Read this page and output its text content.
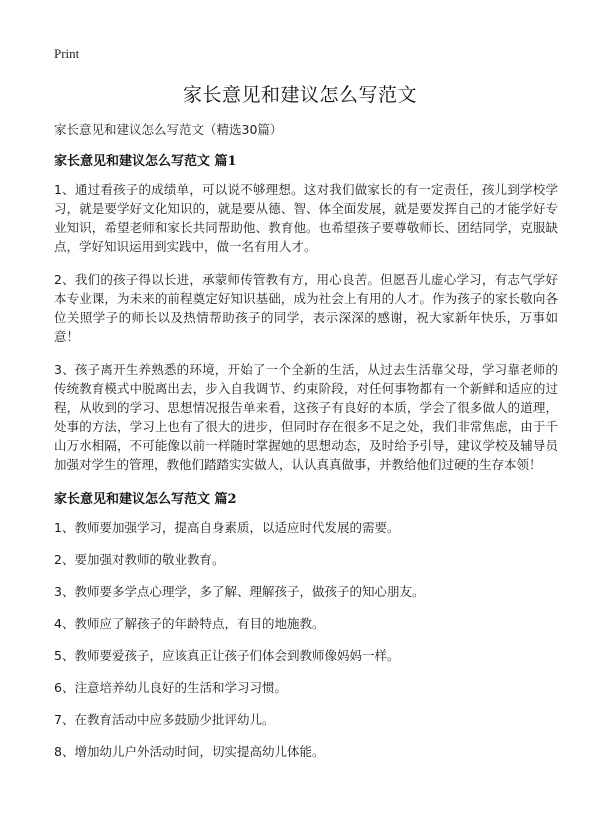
Print
家长意见和建议怎么写范文
家长意见和建议怎么写范文（精选30篇）
家长意见和建议怎么写范文 篇1

1、通过看孩子的成绩单，可以说不够理想。这对我们做家长的有一定责任，孩儿到学校学习，就是要学好文化知识的，就是要从德、智、体全面发展，就是要发挥自己的才能学好专业知识，希望老师和家长共同帮助他、教育他。也希望孩子要尊敬师长、团结同学，克服缺点，学好知识运用到实践中，做一名有用人才。

2、我们的孩子得以长进，承蒙师传管教有方，用心良苦。但愿吾儿虚心学习，有志气学好本专业课，为未来的前程奠定好知识基础，成为社会上有用的人才。作为孩子的家长敬向各位关照学子的师长以及热情帮助孩子的同学，表示深深的感谢，祝大家新年快乐，万事如意！

3、孩子离开生养熟悉的环境，开始了一个全新的生活，从过去生活靠父母，学习靠老师的传统教育模式中脱离出去，步入自我调节、约束阶段，对任何事物都有一个新鲜和适应的过程，从收到的学习、思想情况报告单来看，这孩子有良好的本质，学会了很多做人的道理，处事的方法，学习上也有了很大的进步，但同时存在很多不足之处，我们非常焦虑，由于千山万水相隔，不可能像以前一样随时掌握她的思想动态，及时给予引导，建议学校及辅导员加强对学生的管理，教他们踏踏实实做人，认认真真做事，并教给他们过硬的生存本领！

家长意见和建议怎么写范文 篇2
1、教师要加强学习，提高自身素质，以适应时代发展的需要。
2、要加强对教师的敬业教育。
3、教师要多学点心理学，多了解、理解孩子，做孩子的知心朋友。
4、教师应了解孩子的年龄特点，有目的地施教。
5、教师要爱孩子，应该真正让孩子们体会到教师像妈妈一样。
6、注意培养幼儿良好的生活和学习习惯。
7、在教育活动中应多鼓励少批评幼儿。
8、增加幼儿户外活动时间，切实提高幼儿体能。
